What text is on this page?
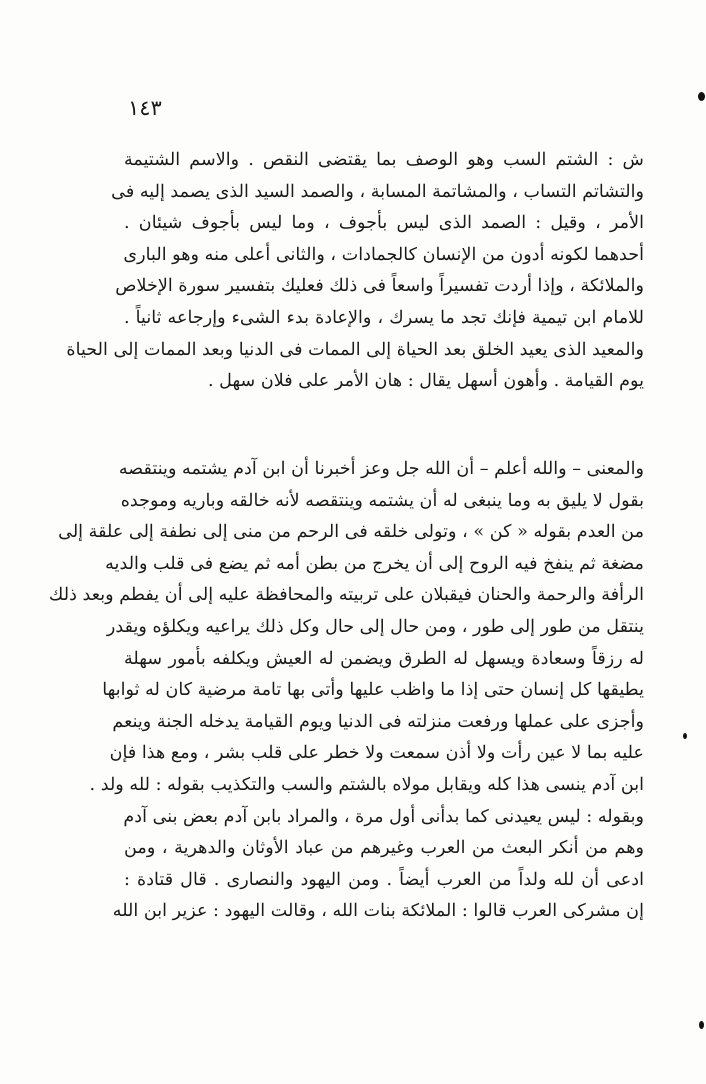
١٤٣
ش : الشتم السب وهو الوصف بما يقتضى النقص . والاسم الشتيمة
والتشاتم التساب ، والمشاتمة المسابة ، والصمد السيد الذى يصمد إليه فى
الأمر ، وقيل : الصمد الذى ليس بأجوف ، وما ليس بأجوف شيئان .
أحدهما لكونه أدون من الإنسان كالجمادات ، والثانى أعلى منه وهو البارى
والملائكة ، وإذا أردت تفسيراً واسعاً فى ذلك فعليك بتفسير سورة الإخلاص
للامام ابن تيمية فإنك تجد ما يسرك ، والإعادة بدء الشىء وإرجاعه ثانياً .
والمعيد الذى يعيد الخلق بعد الحياة إلى الممات فى الدنيا وبعد الممات إلى الحياة
يوم القيامة . وأهون أسهل يقال : هان الأمر على فلان سهل .
والمعنى – والله أعلم – أن الله جل وعز أخبرنا أن ابن آدم يشتمه وينتقصه
بقول لا يليق به وما ينبغى له أن يشتمه وينتقصه لأنه خالقه وباريه وموجده
من العدم بقوله « كن » ، وتولى خلقه فى الرحم من منى إلى نطفة إلى علقة إلى
مضغة ثم ينفخ فيه الروح إلى أن يخرج من بطن أمه ثم يضع فى قلب والديه
الرأفة والرحمة والحنان فيقبلان على تربيته والمحافظة عليه إلى أن يفطم وبعد ذلك
ينتقل من طور إلى طور ، ومن حال إلى حال وكل ذلك يراعيه ويكلؤه ويقدر
له رزقاً وسعادة ويسهل له الطرق ويضمن له العيش ويكلفه بأمور سهلة
يطيقها كل إنسان حتى إذا ما واظب عليها وأتى بها تامة مرضية كان له ثوابها
وأجزى على عملها ورفعت منزلته فى الدنيا ويوم القيامة يدخله الجنة وينعم
عليه بما لا عين رأت ولا أذن سمعت ولا خطر على قلب بشر ، ومع هذا فإن
ابن آدم ينسى هذا كله ويقابل مولاه بالشتم والسب والتكذيب بقوله : لله ولد .
وبقوله : ليس يعيدنى كما بدأنى أول مرة ، والمراد بابن آدم بعض بنى آدم
وهم من أنكر البعث من العرب وغيرهم من عباد الأوثان والدهرية ، ومن
ادعى أن لله ولداً من العرب أيضاً . ومن اليهود والنصارى . قال قتادة :
إن مشركى العرب قالوا : الملائكة بنات الله ، وقالت اليهود : عزير ابن الله
